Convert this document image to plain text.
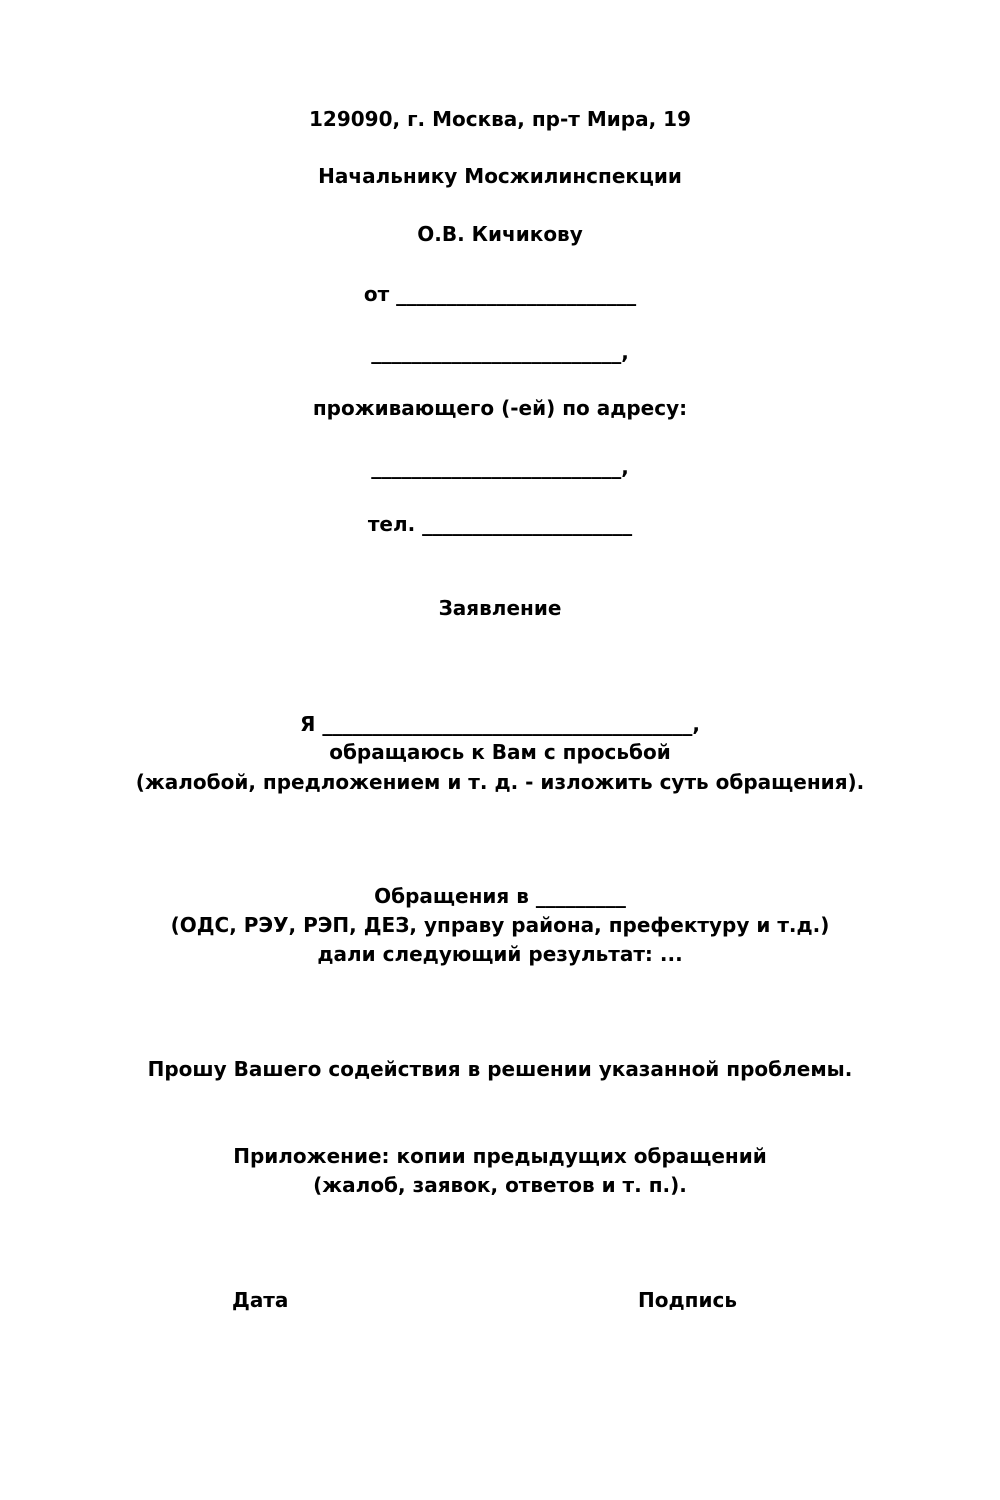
129090, г. Москва, пр-т Мира, 19
Начальнику Мосжилинспекции
О.В. Кичикову
от ________________________
_________________________,
проживающего (-ей) по адресу:
_________________________,
тел. _____________________
Заявление
Я _____________________________________,
обращаюсь к Вам с просьбой
(жалобой, предложением и т. д. - изложить суть обращения).
Обращения в _________
(ОДС, РЭУ, РЭП, ДЕЗ, управу района, префектуру и т.д.)
дали следующий результат: ...
Прошу Вашего содействия в решении указанной проблемы.
Приложение: копии предыдущих обращений
(жалоб, заявок, ответов и т. п.).
Дата	Подпись
